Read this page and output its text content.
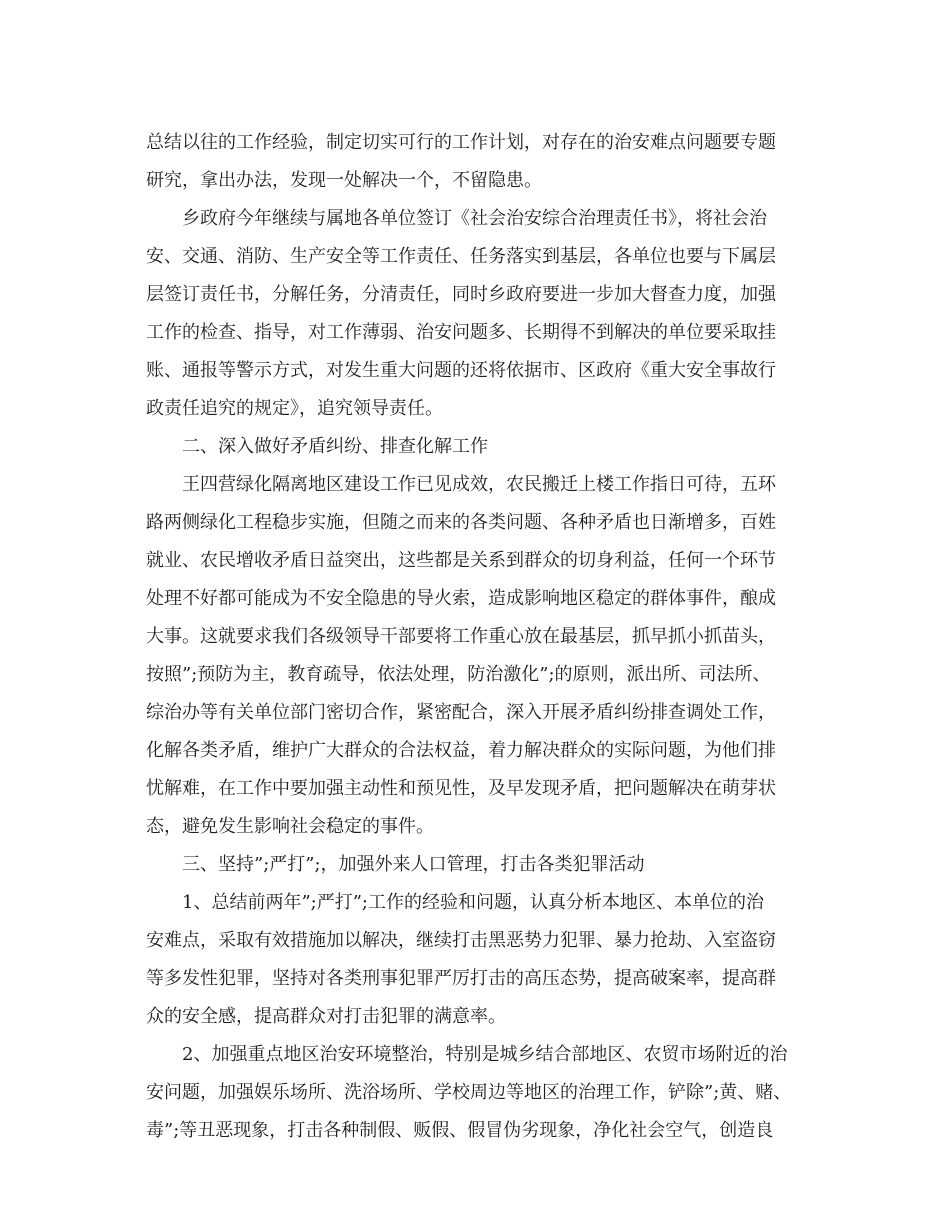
总结以往的工作经验，制定切实可行的工作计划，对存在的治安难点问题要专题
研究，拿出办法，发现一处解决一个，不留隐患。
乡政府今年继续与属地各单位签订《社会治安综合治理责任书》，将社会治
安、交通、消防、生产安全等工作责任、任务落实到基层，各单位也要与下属层
层签订责任书，分解任务，分清责任，同时乡政府要进一步加大督查力度，加强
工作的检查、指导，对工作薄弱、治安问题多、长期得不到解决的单位要采取挂
账、通报等警示方式，对发生重大问题的还将依据市、区政府《重大安全事故行
政责任追究的规定》，追究领导责任。
二、深入做好矛盾纠纷、排查化解工作
王四营绿化隔离地区建设工作已见成效，农民搬迁上楼工作指日可待，五环
路两侧绿化工程稳步实施，但随之而来的各类问题、各种矛盾也日渐增多，百姓
就业、农民增收矛盾日益突出，这些都是关系到群众的切身利益，任何一个环节
处理不好都可能成为不安全隐患的导火索，造成影响地区稳定的群体事件，酿成
大事。这就要求我们各级领导干部要将工作重心放在最基层，抓早抓小抓苗头，
按照”;预防为主，教育疏导，依法处理，防治激化”;的原则，派出所、司法所、
综治办等有关单位部门密切合作，紧密配合，深入开展矛盾纠纷排查调处工作，
化解各类矛盾，维护广大群众的合法权益，着力解决群众的实际问题，为他们排
忧解难，在工作中要加强主动性和预见性，及早发现矛盾，把问题解决在萌芽状
态，避免发生影响社会稳定的事件。
三、坚持”;严打”;，加强外来人口管理，打击各类犯罪活动
1、总结前两年”;严打”;工作的经验和问题，认真分析本地区、本单位的治
安难点，采取有效措施加以解决，继续打击黑恶势力犯罪、暴力抢劫、入室盗窃
等多发性犯罪，坚持对各类刑事犯罪严厉打击的高压态势，提高破案率，提高群
众的安全感，提高群众对打击犯罪的满意率。
2、加强重点地区治安环境整治，特别是城乡结合部地区、农贸市场附近的治
安问题，加强娱乐场所、洗浴场所、学校周边等地区的治理工作，铲除”;黄、赌、
毒”;等丑恶现象，打击各种制假、贩假、假冒伪劣现象，净化社会空气，创造良
